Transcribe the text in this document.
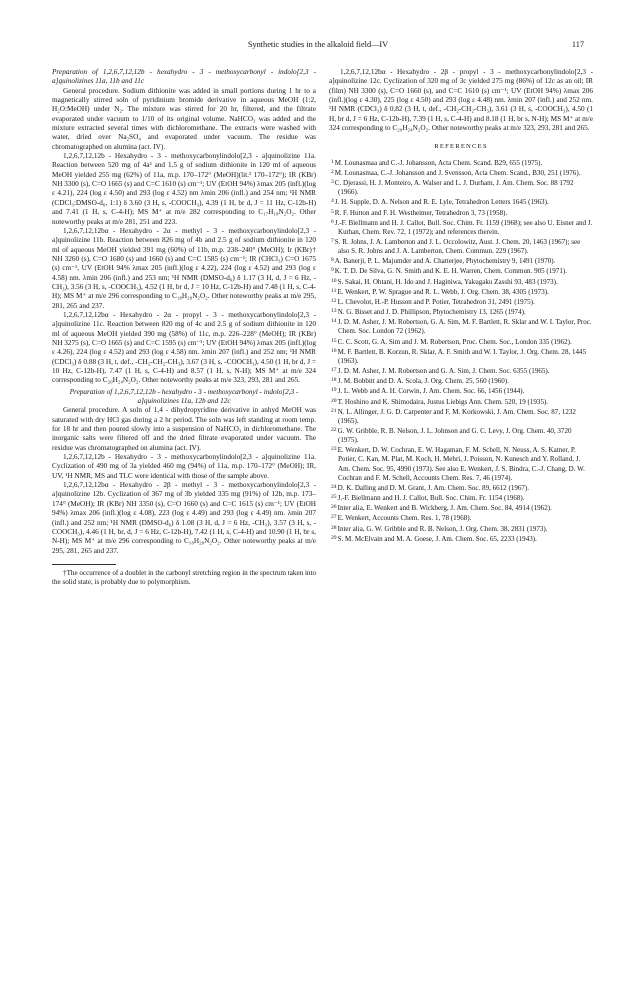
Synthetic studies in the alkaloid field—IV	117

Preparation of 1,2,6,7,12,12b - hexahydro - 3 - methoxycarbonyl - indolo[2,3 - a]quinolizines 11a, 11b and 11c

General procedure. Sodium dithionite was added in small portions during 1 hr to a magnetically stirred soln of pyridinium bromide derivative in aqueous MeOH (1:2, H₂O:MeOH) under N₂. The mixture was stirred for 20 hr, filtered, and the filtrate evaporated under vacuum to 1/10 of its original volume. NaHCO₃ was added and the mixture extracted several times with dichloromethane. The extracts were washed with water, dried over Na₂SO₄ and evaporated under vacuum. The residue was chromatographed on alumina (act. IV).

1,2,6,7,12,12b - Hexahydro - 3 - methoxycarbonylindolo[2,3 - a]quinolizine 11a. Reaction between 520 mg of 4a² and 1.5 g of sodium dithionite in 120 ml of aqueous MeOH yielded 255 mg (62%) of 11a, m.p. 170–172° (MeOH)(lit.² 170–172°); IR (KBr) NH 3300 (s), C=O 1665 (s) and C=C 1610 (s) cm⁻¹; UV (EtOH 94%) λmax 205 (infl.)(log ε 4.21), 224 (log ε 4.50) and 293 (log ε 4.52) nm λmin 206 (infl.) and 254 nm; ¹H NMR (CDCl₃:DMSO-d₆, 1:1) δ 3.60 (3 H, s, -COOCH₃), 4.39 (1 H, br d, J = 11 Hz, C-12b-H) and 7.41 (1 H, s, C-4-H); MS M⁺ at m/e 282 corresponding to C₁₇H₁₈N₂O₂. Other noteworthy peaks at m/e 281, 251 and 223.

1,2,6,7,12,12bα - Hexahydro - 2α - methyl - 3 - methoxycarbonylindolo[2,3 - a]quinolizine 11b. Reaction between 826 mg of 4b and 2.5 g of sodium dithionite in 120 ml of aqueous MeOH yielded 391 mg (60%) of 11b, m.p. 238–240° (MeOH); Ir (KBr)† NH 3260 (s), C=O 1680 (s) and 1660 (s) and C=C 1585 (s) cm⁻¹; IR (CHCl₃) C=O 1675 (s) cm⁻¹, UV (EtOH 94% λmax 205 (infl.)(log ε 4.22), 224 (log ε 4.52) and 293 (log ε 4.58) nm. λmin 206 (infl.) and 253 nm; ¹H NMR (DMSO-d₆) δ 1.17 (3 H, d, J = 6 Hz, -CH₃), 3.56 (3 H, s, -COOCH₃), 4.52 (1 H, br d, J = 10 Hz, C-12b-H) and 7.48 (1 H, s, C-4-H); MS M⁺ at m/e 296 corresponding to C₁₈H₂₀N₂O₂. Other noteworthy peaks at m/e 295, 281, 265 and 237.

1,2,6,7,12,12bα - Hexahydro - 2α - propyl - 3 - methoxycarbonylindolo[2,3 - a]quinolizine 11c. Reaction between 820 mg of 4c and 2.5 g of sodium dithionite in 120 ml of aqueous MeOH yielded 390 mg (58%) of 11c, m.p. 226–228° (MeOH); IR (KBr) NH 3275 (s), C=O 1665 (s) and C=C 1595 (s) cm⁻¹; UV (EtOH 94%) λmax 205 (infl.)(log ε 4.26), 224 (log ε 4.52) and 293 (log ε 4.58) nm. λmin 207 (infl.) and 252 nm; ¹H NMR (CDCl₃) δ 0.88 (3 H, t, def., -CH₂-CH₂-CH₃), 3.67 (3 H, s, -COOCH₃), 4.50 (1 H, br d, J = 10 Hz, C-12b-H), 7.47 (1 H, s, C-4-H) and 8.57 (1 H, s, N-H); MS M⁺ at m/e 324 corresponding to C₂₀H₂₄N₂O₂. Other noteworthy peaks at m/e 323, 293, 281 and 265.

Preparation of 1,2,6,7,12,12b - hexahydro - 3 - methoxycarbonyl - indolo[2,3 - a]quinolizines 11a, 12b and 12c

General procedure. A soln of 1,4 - dihydropyridine derivative in anhyd MeOH was saturated with dry HCl gas during a 2 hr period. The soln was left standing at room temp. for 18 hr and then poured slowly into a suspension of NaHCO₃ in dichloromethane. The inorganic salts were filtered off and the dried filtrate evaporated under vacuum. The residue was chromatographed on alumina (act. IV).

1,2,6,7,12,12b - Hexahydro - 3 - methoxycarbonylindolo[2,3 - a]quinolizine 11a. Cyclization of 490 mg of 3a yielded 460 mg (94%) of 11a, m.p. 170–172° (MeOH); IR, UV, ¹H NMR, MS and TLC were identical with those of the sample above.

1,2,6,7,12,12bα - Hexahydro - 2β - methyl - 3 - methoxycarbonylindolo[2,3 - a]quinolizine 12b. Cyclization of 367 mg of 3b yielded 335 mg (91%) of 12b, m.p. 173–174° (MeOH); IR (KBr) NH 3350 (s), C=O 1660 (s) and C=C 1615 (s) cm⁻¹; UV (EtOH 94%) λmax 206 (infl.)(log ε 4.08), 223 (log ε 4.49) and 293 (log ε 4.49) nm. λmin 207 (infl.) and 252 nm; ¹H NMR (DMSO-d₆) δ 1.08 (3 H, d, J = 6 Hz, -CH₃), 3.57 (3 H, s, -COOCH₃), 4.46 (1 H, br, d, J = 6 Hz, C-12b-H), 7.42 (1 H, s, C-4-H) and 10.90 (1 H, br s, N-H); MS M⁺ at m/e 296 corresponding to C₁₈H₂₀N₂O₂. Other noteworthy peaks at m/e 295, 281, 265 and 237.

†The occurrence of a doublet in the carbonyl stretching region in the spectrum taken into the solid state, is probably due to polymorphism.

1,2,6,7,12,12bα - Hexahydro - 2β - propyl - 3 - methoxycarbonylindolo[2,3 - a]quinolizine 12c. Cyclization of 320 mg of 3c yielded 275 mg (86%) of 12c as an oil; IR (film) NH 3300 (s), C=O 1660 (s), and C=C 1610 (s) cm⁻¹; UV (EtOH 94%) λmax 206 (infl.)(log ε 4.30), 225 (log ε 4.50) and 293 (log ε 4.48) nm. λmin 207 (infl.) and 252 nm. ¹H NMR (CDCl₃) δ 0.82 (3 H, t, def., -CH₂-CH₂-CH₃), 3.61 (3 H, s, -COOCH₃), 4.50 (1 H, br d, J = 6 Hz, C-12b-H), 7.39 (1 H, s, C-4-H) and 8.18 (1 H, br s, N-H); MS M⁺ at m/e 324 corresponding to C₂₀H₂₄N₂O₂. Other noteworthy peaks at m/e 323, 293, 281 and 265.

REFERENCES
$^1$M. Lounasmaa and C.-J. Johansson, Acta Chem. Scand. B29, 655 (1975).
$^2$M. Lounasmaa, C.-J. Johansson and J. Svensson, Acta Chem. Scand., B30, 251 (1976).
$^3$C. Djerassi, H. J. Monteiro, A. Walser and L. J. Durham, J. Am. Chem. Soc. 88 1792 (1966).
$^4$J. H. Supple, D. A. Nelson and R. E. Lyle, Tetrahedron Letters 1645 (1963).
$^5$R. F. Hutton and F. H. Westheimer, Tetrahedron 3, 73 (1958).
$^6$J.-F. Biellmann and H. J. Callot, Bull. Soc. Chim. Fr. 1159 (1968); see also U. Eisner and J. Kuthan, Chem. Rev. 72, 1 (1972); and references therein.
$^7$S. R. Johns, J. A. Lamberton and J. L. Occolowitz, Aust. J. Chem. 20, 1463 (1967); see also S. R. Johns and J. A. Lamberton, Chem. Commun. 229 (1967).
$^8$A. Banerji, P. L. Majumder and A. Chatterjee, Phytochemistry 9, 1491 (1970).
$^9$K. T. D. De Silva, G. N. Smith and K. E. H. Warren, Chem. Commun. 905 (1971).
$^{10}$S. Sakai, H. Ohtani, H. Ido and J. Haginiwa, Yakugaku Zasshi 93, 483 (1973).
$^{11}$E. Wenkert, P. W. Sprague and R. L. Webb, J. Org. Chem. 38, 4305 (1973).
$^{12}$L. Chevolot, H.-P. Husson and P. Potier, Tetrahedron 31, 2491 (1975).
$^{13}$N. G. Bisset and J. D. Phillipson, Phytochemistry 13, 1265 (1974).
$^{14}$J. D. M. Asher, J. M. Robertson, G. A. Sim, M. F. Bartlett, R. Sklar and W. I. Taylor, Proc. Chem. Soc. London 72 (1962).
$^{15}$C. C. Scott, G. A. Sim and J. M. Robertson, Proc. Chem. Soc., London 335 (1962).
$^{16}$M. F. Bartlett, B. Korzun, R. Sklar, A. F. Smith and W. I. Taylor, J. Org. Chem. 28, 1445 (1963).
$^{17}$J. D. M. Asher, J. M. Robertson and G. A. Sim, J. Chem. Soc. 6355 (1965).
$^{18}$J. M. Bobbitt and D. A. Scola, J. Org. Chem. 25, 560 (1960).
$^{19}$J. L. Webb and A. H. Corwin, J. Am. Chem. Soc. 66, 1456 (1944).
$^{20}$T. Hoshino and K. Shimodaira, Justus Liebigs Ann. Chem. 520, 19 (1935).
$^{21}$N. L. Allinger, J. G. D. Carpenter and F. M. Korkowski, J. Am. Chem. Soc. 87, 1232 (1965).
$^{22}$G. W. Gribble, R. B. Nelson, J. L. Johnson and G. C. Levy, J. Org. Chem. 40, 3720 (1975).
$^{23}$E. Wenkert, D. W. Cochran, E. W. Hagaman, F. M. Schell, N. Neuss, A. S. Katner, P. Potier, C. Kan, M. Plat, M. Koch, H. Mehri, J. Poisson, N. Kunesch and Y. Rolland, J. Am. Chem. Soc. 95, 4990 (1973). See also E. Wenkert, J. S. Bindra, C.-J. Chang, D. W. Cochran and F. M. Schell, Accounts Chem. Res. 7, 46 (1974).
$^{24}$D. K. Dalling and D. M. Grant, J. Am. Chem. Soc. 89, 6612 (1967).
$^{25}$J.-F. Biellmann and H. J. Callot, Bull. Soc. Chim. Fr. 1154 (1968).
$^{26}$Inter alia, E. Wenkert and B. Wickberg, J. Am. Chem. Soc. 84, 4914 (1962).
$^{27}$E. Wenkert, Accounts Chem. Res. 1, 78 (1968).
$^{28}$Inter alia, G. W. Gribble and R. B. Nelson, J. Org. Chem. 38, 2831 (1973).
$^{29}$S. M. McElvain and M. A. Goese, J. Am. Chem. Soc. 65, 2233 (1943).
